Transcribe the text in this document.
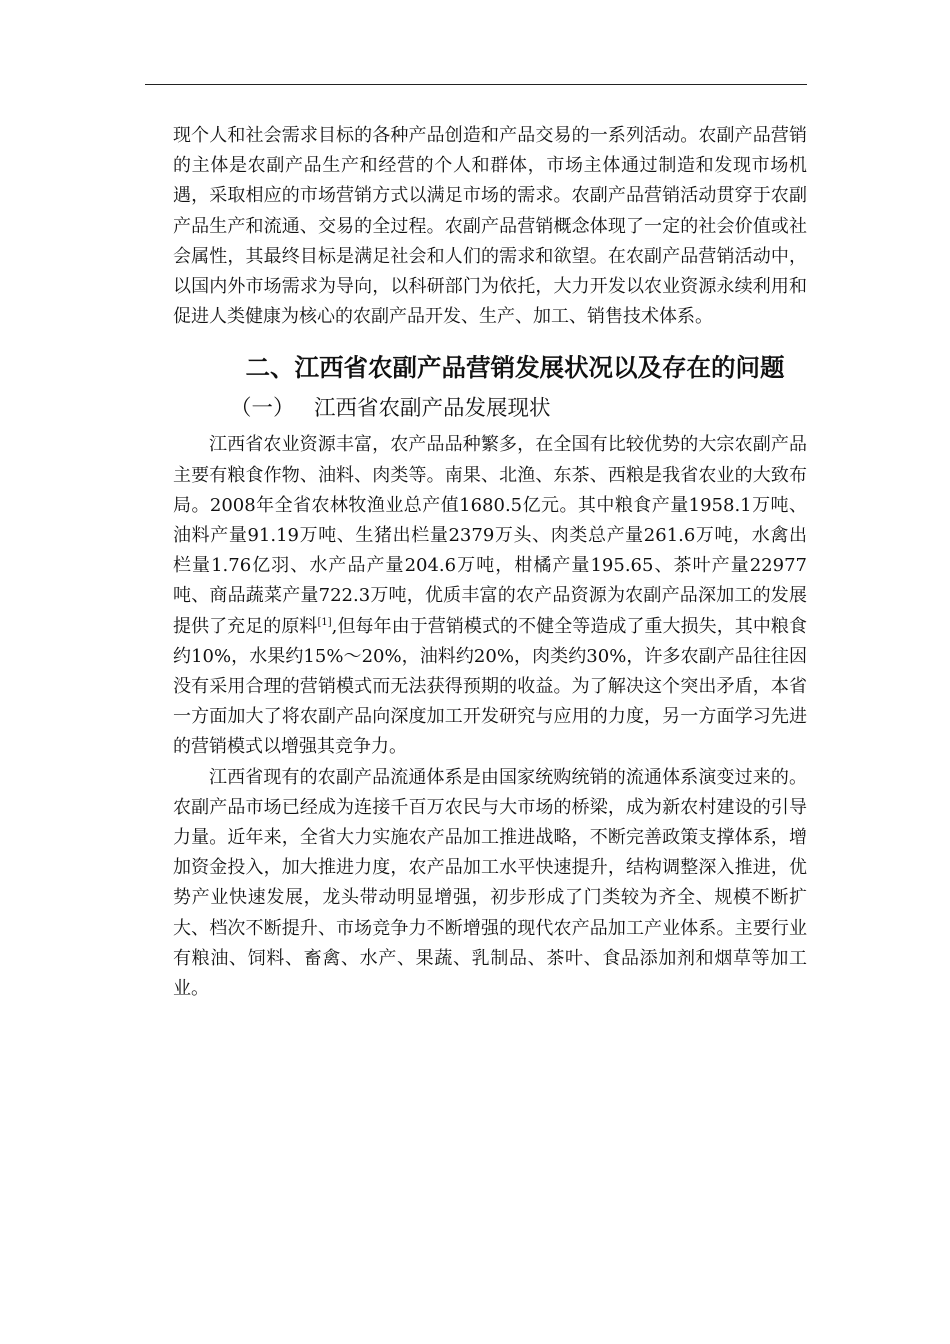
现个人和社会需求目标的各种产品创造和产品交易的一系列活动。农副产品营销的主体是农副产品生产和经营的个人和群体，市场主体通过制造和发现市场机遇，采取相应的市场营销方式以满足市场的需求。农副产品营销活动贯穿于农副产品生产和流通、交易的全过程。农副产品营销概念体现了一定的社会价值或社会属性，其最终目标是满足社会和人们的需求和欲望。在农副产品营销活动中，以国内外市场需求为导向，以科研部门为依托，大力开发以农业资源永续利用和促进人类健康为核心的农副产品开发、生产、加工、销售技术体系。

二、江西省农副产品营销发展状况以及存在的问题
（一） 江西省农副产品发展现状

江西省农业资源丰富，农产品品种繁多，在全国有比较优势的大宗农副产品主要有粮食作物、油料、肉类等。南果、北渔、东茶、西粮是我省农业的大致布局。2008年全省农林牧渔业总产值1680.5亿元。其中粮食产量1958.1万吨、油料产量91.19万吨、生猪出栏量2379万头、肉类总产量261.6万吨，水禽出栏量1.76亿羽、水产品产量204.6万吨，柑橘产量195.65、茶叶产量22977吨、商品蔬菜产量722.3万吨，优质丰富的农产品资源为农副产品深加工的发展提供了充足的原料[1],但每年由于营销模式的不健全等造成了重大损失，其中粮食约10%，水果约15%～20%，油料约20%，肉类约30%，许多农副产品往往因没有采用合理的营销模式而无法获得预期的收益。为了解决这个突出矛盾，本省一方面加大了将农副产品向深度加工开发研究与应用的力度，另一方面学习先进的营销模式以增强其竞争力。

江西省现有的农副产品流通体系是由国家统购统销的流通体系演变过来的。农副产品市场已经成为连接千百万农民与大市场的桥梁，成为新农村建设的引导力量。近年来，全省大力实施农产品加工推进战略，不断完善政策支撑体系，增加资金投入，加大推进力度，农产品加工水平快速提升，结构调整深入推进，优势产业快速发展，龙头带动明显增强，初步形成了门类较为齐全、规模不断扩大、档次不断提升、市场竞争力不断增强的现代农产品加工产业体系。主要行业有粮油、饲料、畜禽、水产、果蔬、乳制品、茶叶、食品添加剂和烟草等加工业。
